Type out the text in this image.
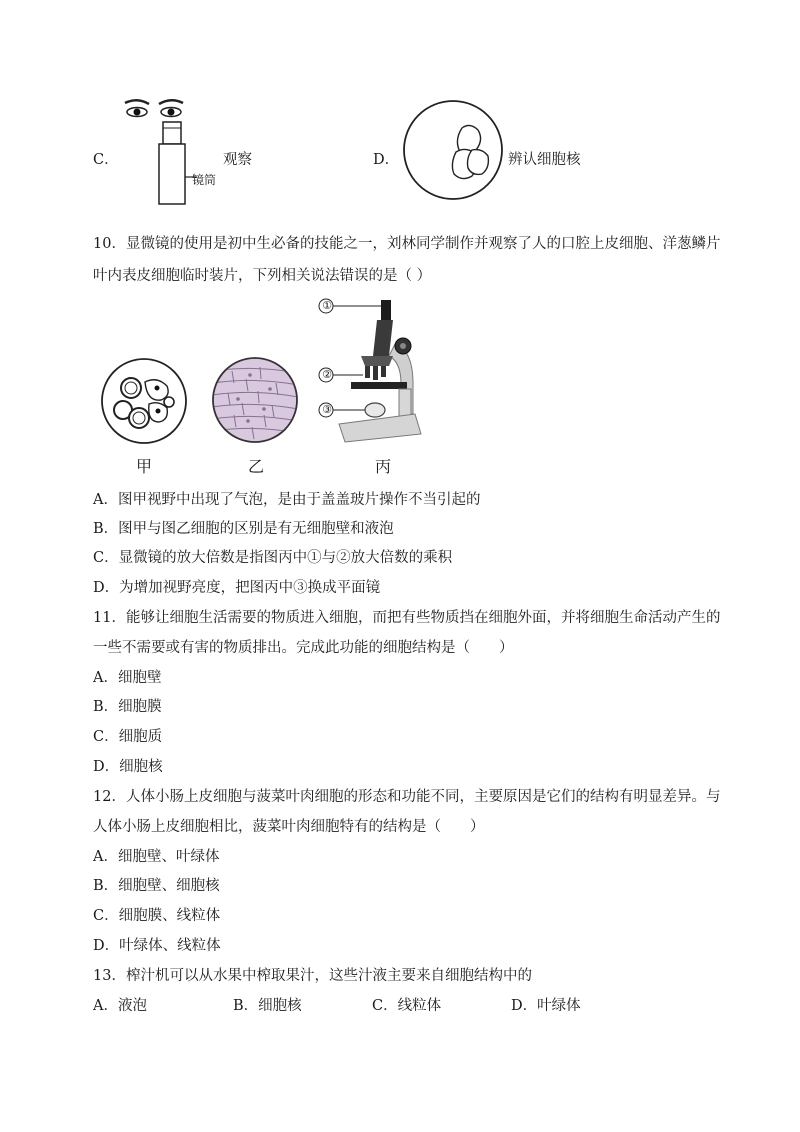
C．
镜筒
观察	D．	辨认细胞核
10．显微镜的使用是初中生必备的技能之一，刘林同学制作并观察了人的口腔上皮细胞、洋葱鳞片
叶内表皮细胞临时装片，下列相关说法错误的是（ ）
①
②
③
甲	乙	丙
A．图甲视野中出现了气泡，是由于盖盖玻片操作不当引起的
B．图甲与图乙细胞的区别是有无细胞壁和液泡
C．显微镜的放大倍数是指图丙中①与②放大倍数的乘积
D．为增加视野亮度，把图丙中③换成平面镜
11．能够让细胞生活需要的物质进入细胞，而把有些物质挡在细胞外面，并将细胞生命活动产生的
一些不需要或有害的物质排出。完成此功能的细胞结构是（　　）
A．细胞壁
B．细胞膜
C．细胞质
D．细胞核
12．人体小肠上皮细胞与菠菜叶肉细胞的形态和功能不同，主要原因是它们的结构有明显差异。与
人体小肠上皮细胞相比，菠菜叶肉细胞特有的结构是（　　）
A．细胞壁、叶绿体
B．细胞壁、细胞核
C．细胞膜、线粒体
D．叶绿体、线粒体
13．榨汁机可以从水果中榨取果汁，这些汁液主要来自细胞结构中的
A．液泡	B．细胞核	C．线粒体	D．叶绿体
